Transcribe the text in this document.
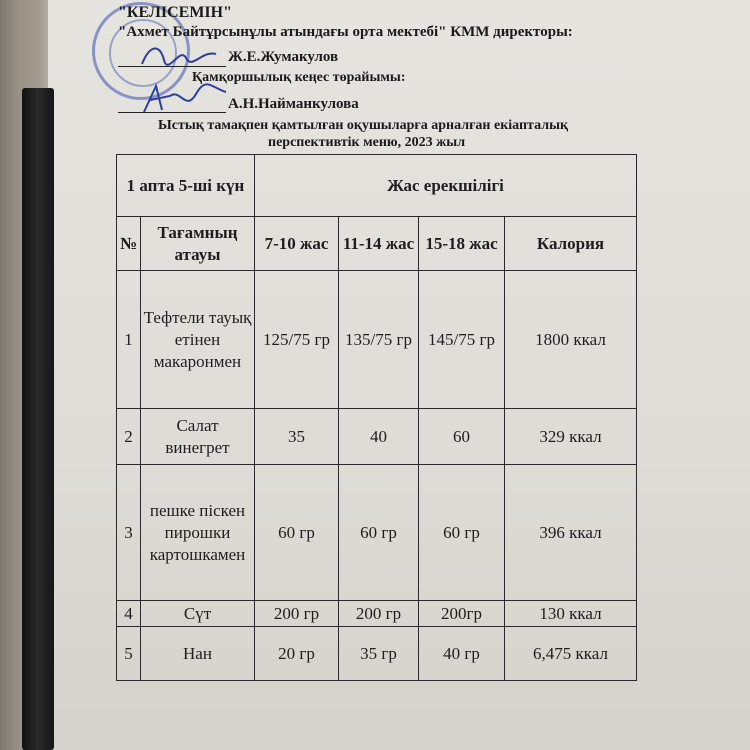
"КЕЛІСЕМІН"
"Ахмет Байтұрсынұлы атындағы орта мектебі" КММ директоры:
Ж.Е.Жумакулов
Қамқоршылық кеңес төрайымы:
А.Н.Найманкулова
Ыстық тамақпен қамтылған оқушыларға арналған екіапталық
перспективтік меню, 2023 жыл
1 апта 5-ші күн		Жас ерекшілігі			
№	Тағамның атауы	7-10 жас	11-14 жас	15-18 жас	Калория
1	Тефтели тауық етінен макаронмен	125/75 гр	135/75 гр	145/75 гр	1800 ккал
2	Салат винегрет	35	40	60	329 ккал
3	пешке піскен пирошки картошкамен	60 гр	60 гр	60 гр	396 ккал
4	Сүт	200 гр	200 гр	200гр	130 ккал
5	Нан	20 гр	35 гр	40 гр	6,475 ккал
